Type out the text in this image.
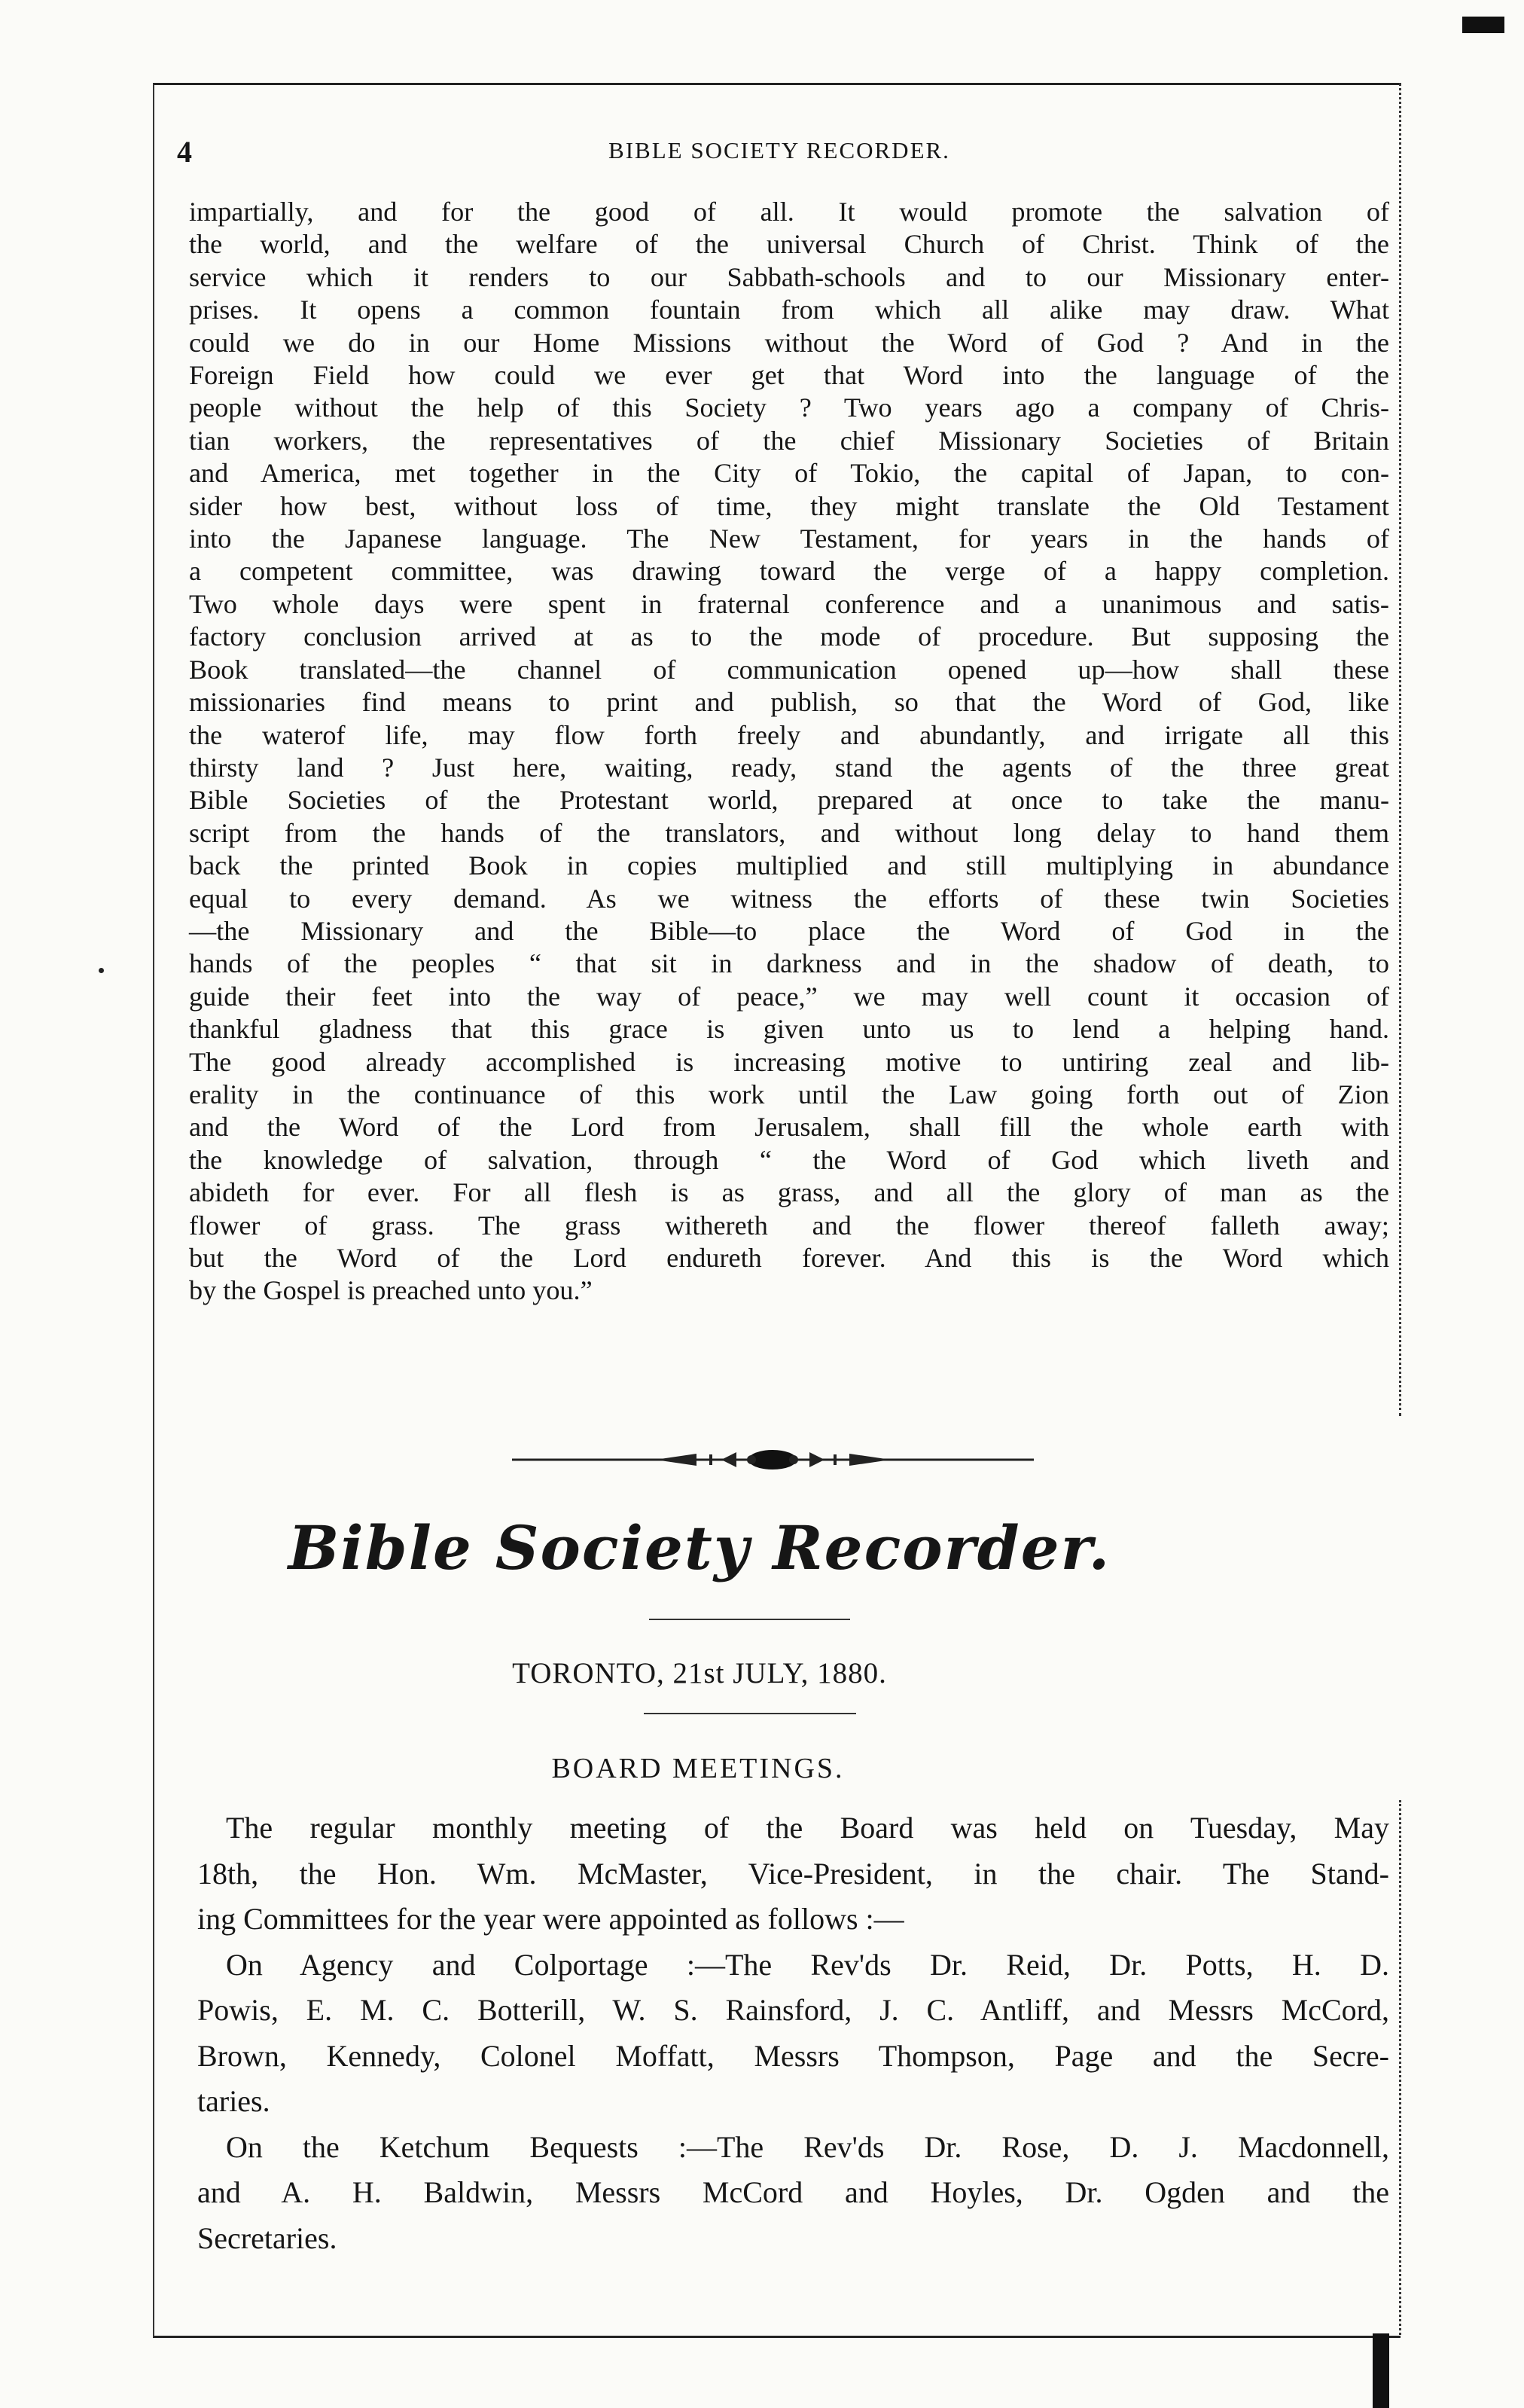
4	BIBLE SOCIETY RECORDER.

impartially, and for the good of all. It would promote the salvation of
the world, and the welfare of the universal Church of Christ. Think of the
service which it renders to our Sabbath-schools and to our Missionary enter-
prises. It opens a common fountain from which all alike may draw. What
could we do in our Home Missions without the Word of God ? And in the
Foreign Field how could we ever get that Word into the language of the
people without the help of this Society ? Two years ago a company of Chris-
tian workers, the representatives of the chief Missionary Societies of Britain
and America, met together in the City of Tokio, the capital of Japan, to con-
sider how best, without loss of time, they might translate the Old Testament
into the Japanese language. The New Testament, for years in the hands of
a competent committee, was drawing toward the verge of a happy completion.
Two whole days were spent in fraternal conference and a unanimous and satis-
factory conclusion arrived at as to the mode of procedure. But supposing the
Book translated—the channel of communication opened up—how shall these
missionaries find means to print and publish, so that the Word of God, like
the waterof life, may flow forth freely and abundantly, and irrigate all this
thirsty land ? Just here, waiting, ready, stand the agents of the three great
Bible Societies of the Protestant world, prepared at once to take the manu-
script from the hands of the translators, and without long delay to hand them
back the printed Book in copies multiplied and still multiplying in abundance
equal to every demand. As we witness the efforts of these twin Societies
—the Missionary and the Bible—to place the Word of God in the
hands of the peoples “ that sit in darkness and in the shadow of death, to
guide their feet into the way of peace,” we may well count it occasion of
thankful gladness that this grace is given unto us to lend a helping hand.
The good already accomplished is increasing motive to untiring zeal and lib-
erality in the continuance of this work until the Law going forth out of Zion
and the Word of the Lord from Jerusalem, shall fill the whole earth with
the knowledge of salvation, through “ the Word of God which liveth and
abideth for ever. For all flesh is as grass, and all the glory of man as the
flower of grass. The grass withereth and the flower thereof falleth away;
but the Word of the Lord endureth forever. And this is the Word which
by the Gospel is preached unto you.”

Bible Society Recorder.
TORONTO, 21st JULY, 1880.
BOARD MEETINGS.

The regular monthly meeting of the Board was held on Tuesday, May
18th, the Hon. Wm. McMaster, Vice-President, in the chair. The Stand-
ing Committees for the year were appointed as follows :—
On Agency and Colportage :—The Rev'ds Dr. Reid, Dr. Potts, H. D.
Powis, E. M. C. Botterill, W. S. Rainsford, J. C. Antliff, and Messrs McCord,
Brown, Kennedy, Colonel Moffatt, Messrs Thompson, Page and the Secre-
taries.
On the Ketchum Bequests :—The Rev'ds Dr. Rose, D. J. Macdonnell,
and A. H. Baldwin, Messrs McCord and Hoyles, Dr. Ogden and the
Secretaries.
